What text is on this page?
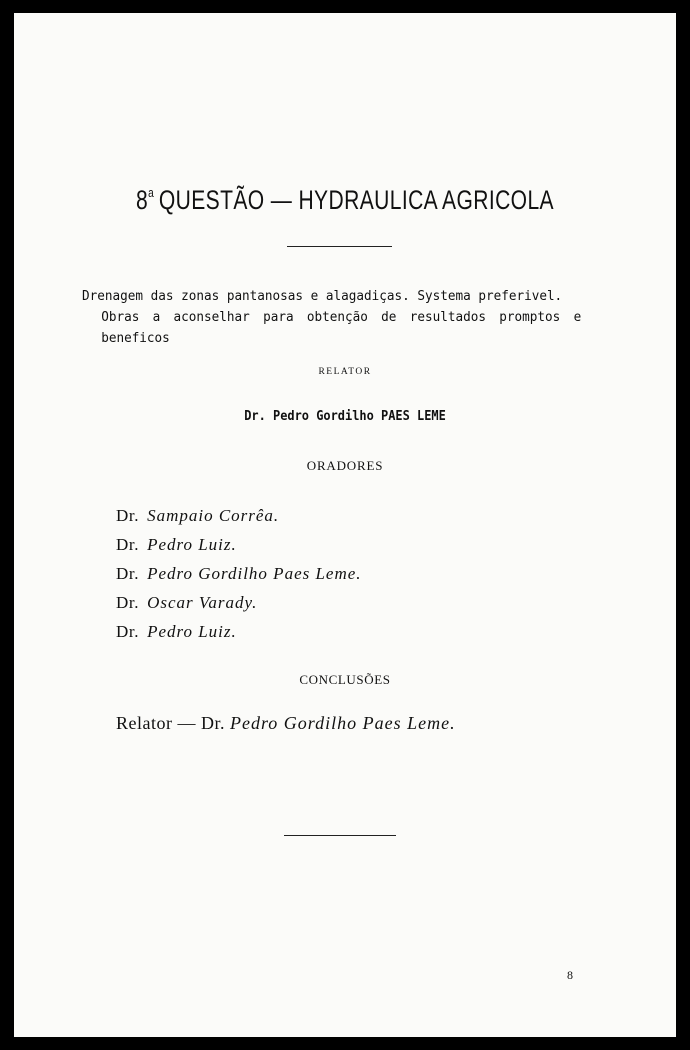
8$^a$ QUESTÃO — HYDRAULICA AGRICOLA
Drenagem das zonas pantanosas e alagadiças. Systema preferivel.
Obras a aconselhar para obtenção de resultados promptos e
beneficos
RELATOR
Dr. Pedro Gordilho PAES LEME
ORADORES
Dr. Sampaio Corrêa.
Dr. Pedro Luiz.
Dr. Pedro Gordilho Paes Leme.
Dr. Oscar Varady.
Dr. Pedro Luiz.
CONCLUSÕES
Relator — Dr. Pedro Gordilho Paes Leme.
8
